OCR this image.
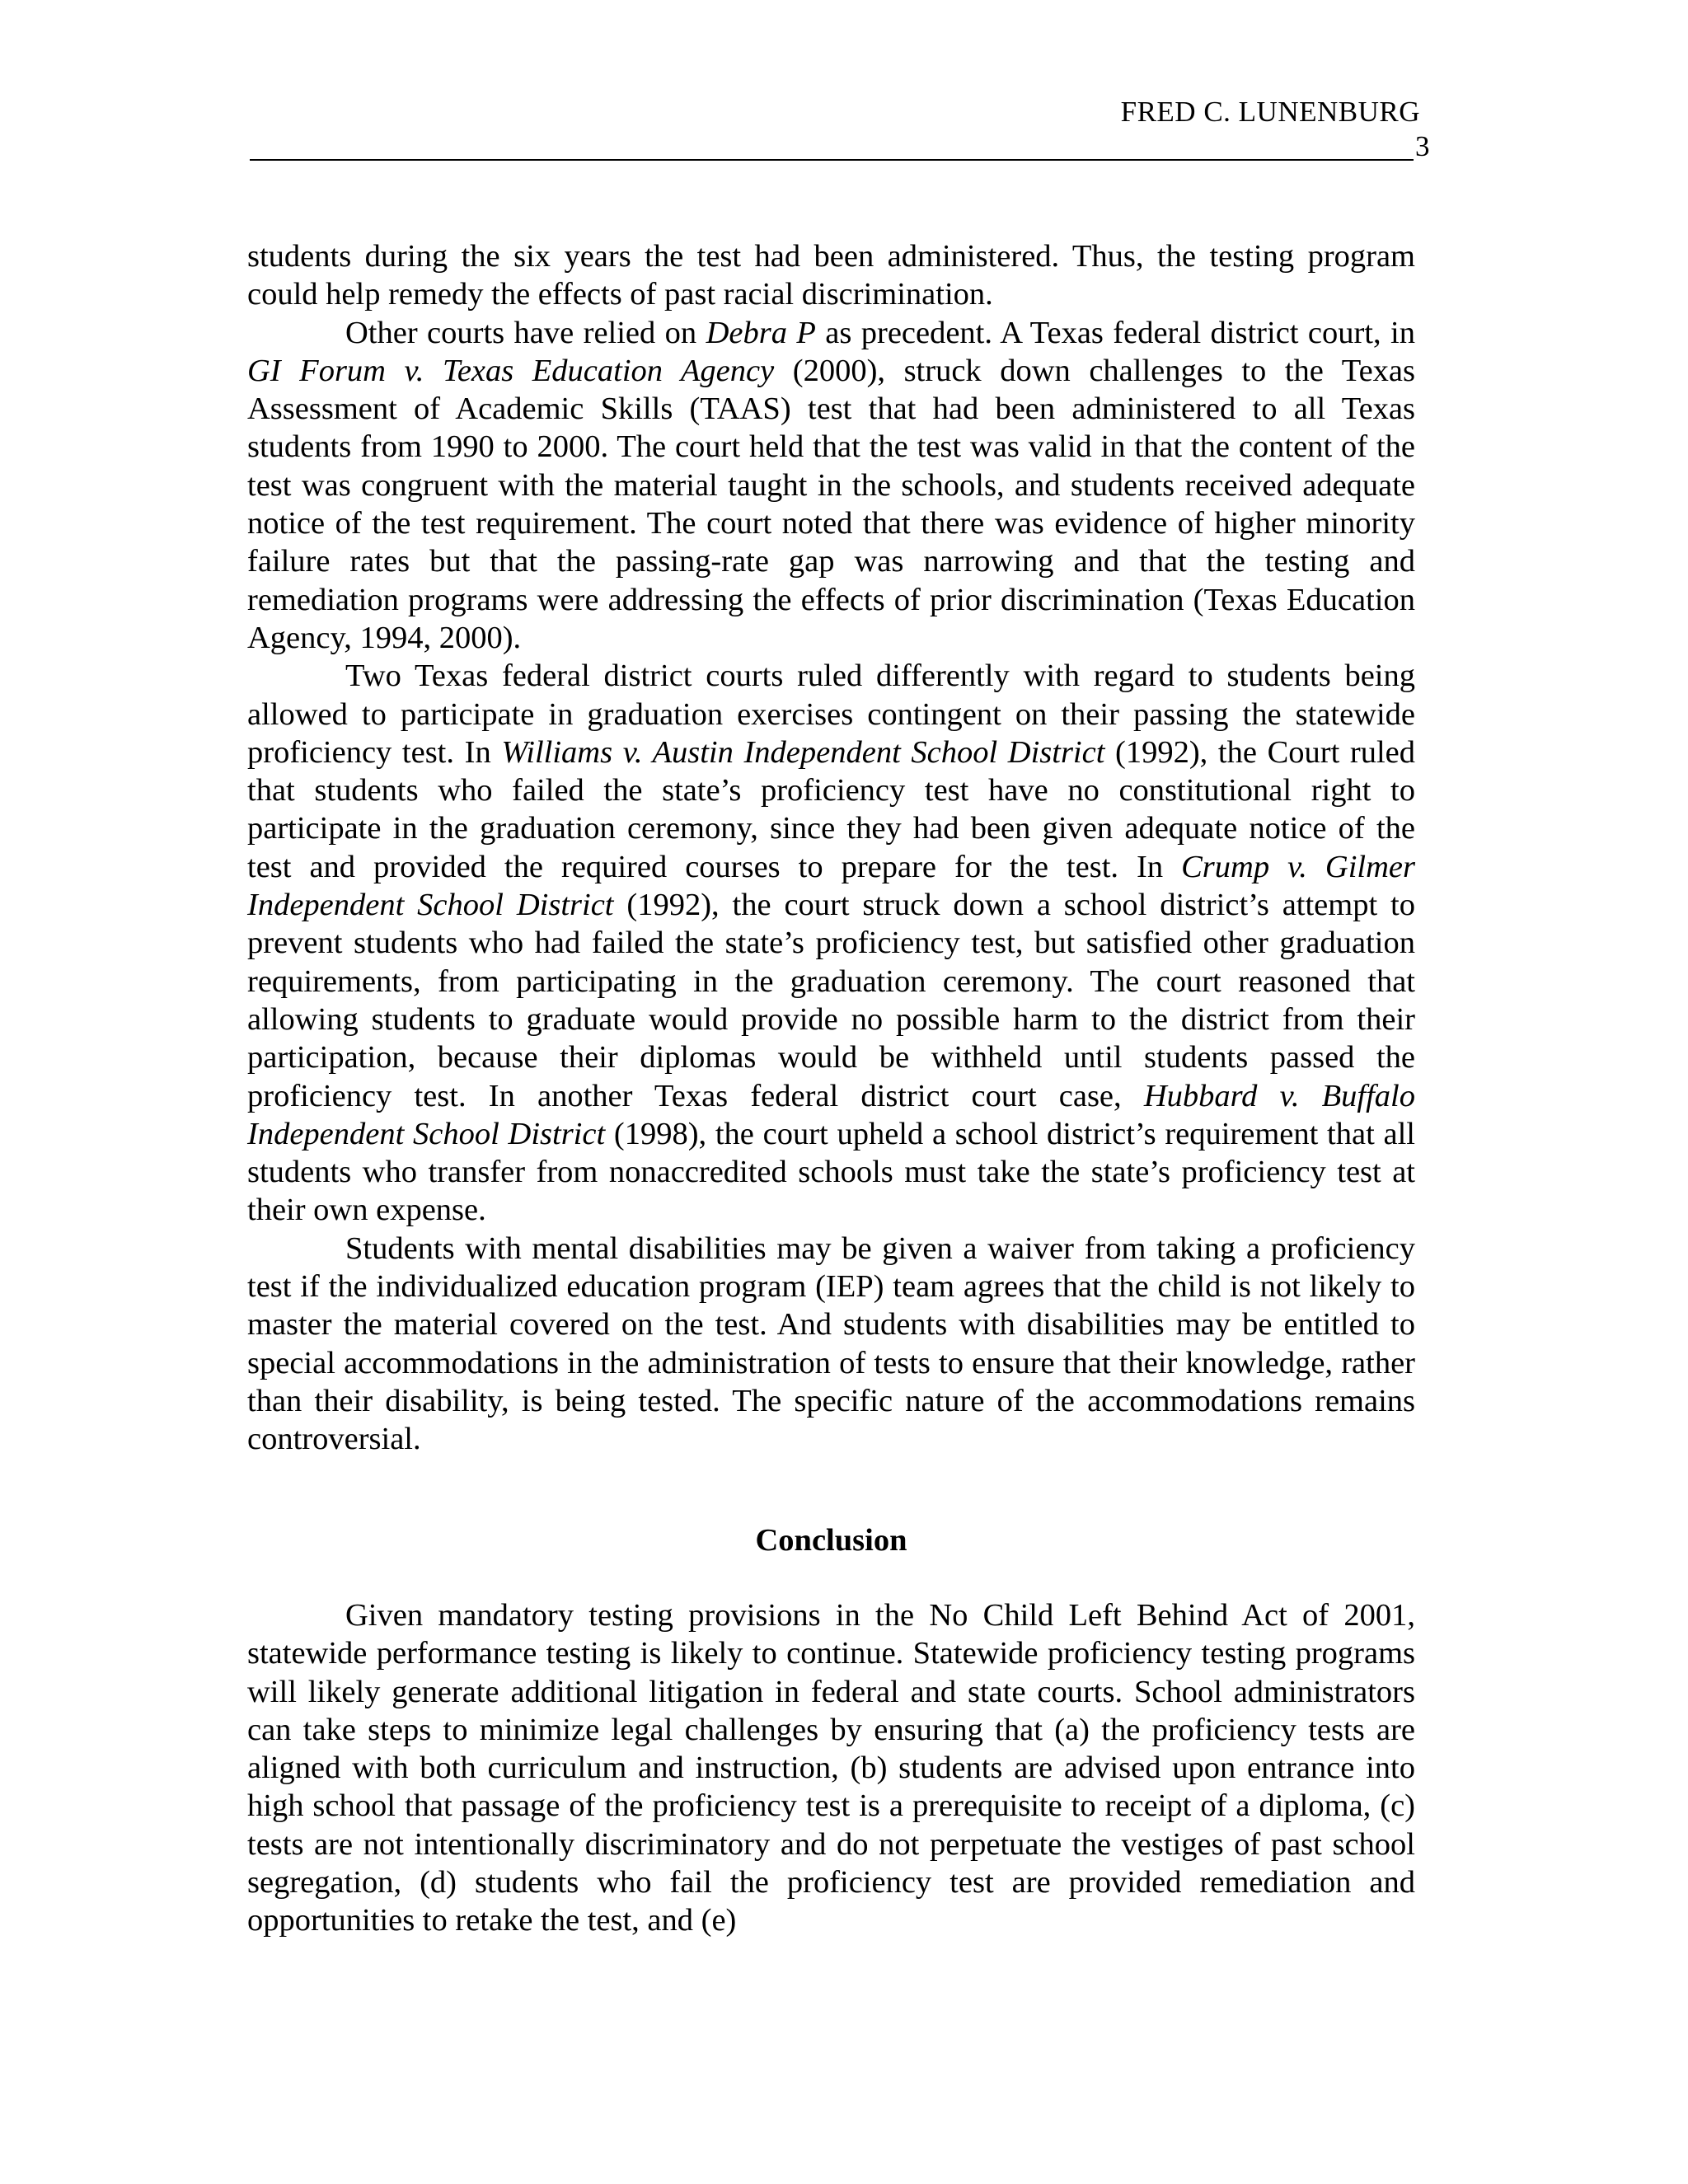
FRED C. LUNENBURG
3

students during the six years the test had been administered. Thus, the testing program could help remedy the effects of past racial discrimination.

Other courts have relied on Debra P as precedent. A Texas federal district court, in GI Forum v. Texas Education Agency (2000), struck down challenges to the Texas Assessment of Academic Skills (TAAS) test that had been administered to all Texas students from 1990 to 2000. The court held that the test was valid in that the content of the test was congruent with the material taught in the schools, and students received adequate notice of the test requirement. The court noted that there was evidence of higher minority failure rates but that the passing-rate gap was narrowing and that the testing and remediation programs were addressing the effects of prior discrimination (Texas Education Agency, 1994, 2000).

Two Texas federal district courts ruled differently with regard to students being allowed to participate in graduation exercises contingent on their passing the statewide proficiency test. In Williams v. Austin Independent School District (1992), the Court ruled that students who failed the state’s proficiency test have no constitutional right to participate in the graduation ceremony, since they had been given adequate notice of the test and provided the required courses to prepare for the test. In Crump v. Gilmer Independent School District (1992), the court struck down a school district’s attempt to prevent students who had failed the state’s proficiency test, but satisfied other graduation requirements, from participating in the graduation ceremony. The court reasoned that allowing students to graduate would provide no possible harm to the district from their participation, because their diplomas would be withheld until students passed the proficiency test. In another Texas federal district court case, Hubbard v. Buffalo Independent School District (1998), the court upheld a school district’s requirement that all students who transfer from nonaccredited schools must take the state’s proficiency test at their own expense.

Students with mental disabilities may be given a waiver from taking a proficiency test if the individualized education program (IEP) team agrees that the child is not likely to master the material covered on the test. And students with disabilities may be entitled to special accommodations in the administration of tests to ensure that their knowledge, rather than their disability, is being tested. The specific nature of the accommodations remains controversial.

Conclusion

Given mandatory testing provisions in the No Child Left Behind Act of 2001, statewide performance testing is likely to continue. Statewide proficiency testing programs will likely generate additional litigation in federal and state courts. School administrators can take steps to minimize legal challenges by ensuring that (a) the proficiency tests are aligned with both curriculum and instruction, (b) students are advised upon entrance into high school that passage of the proficiency test is a prerequisite to receipt of a diploma, (c) tests are not intentionally discriminatory and do not perpetuate the vestiges of past school segregation, (d) students who fail the proficiency test are provided remediation and opportunities to retake the test, and (e)
